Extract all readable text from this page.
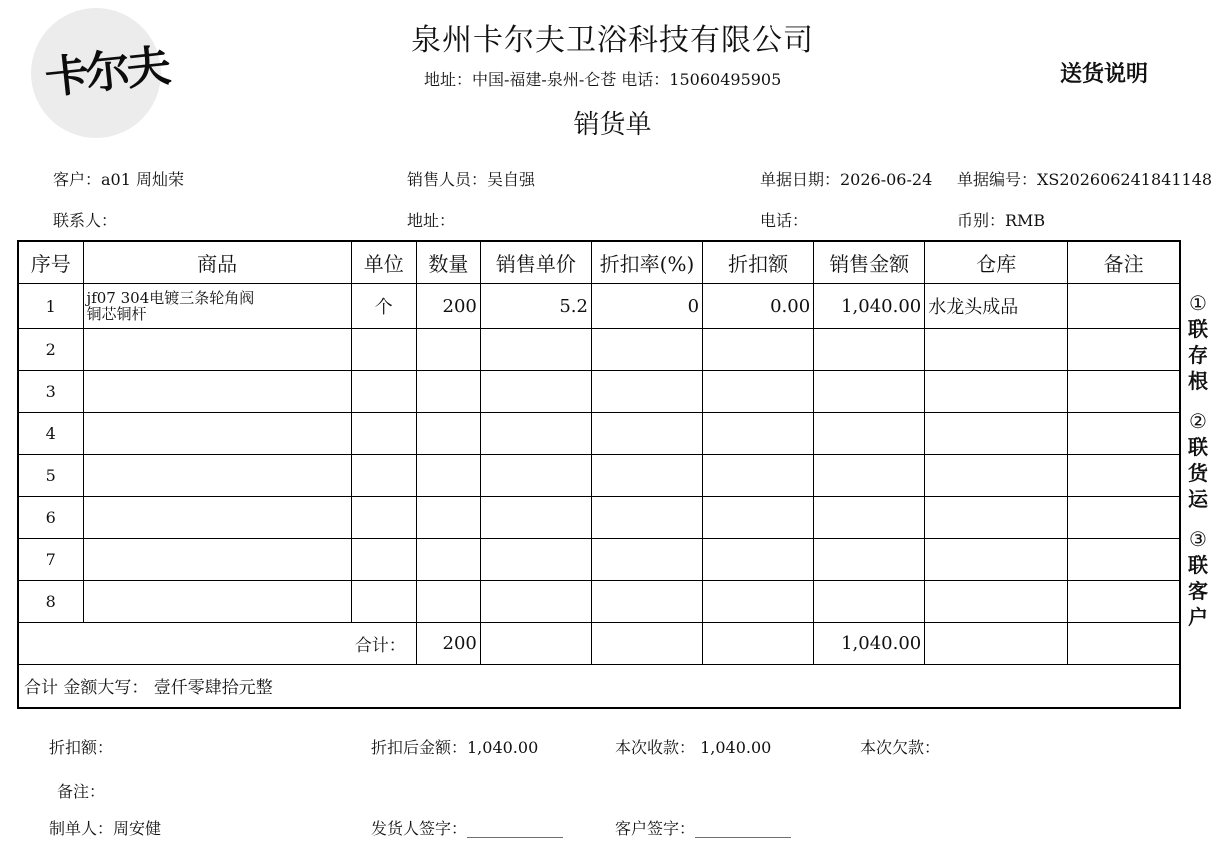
卡尔夫
泉州卡尔夫卫浴科技有限公司
地址：中国-福建-泉州-仑苍 电话：15060495905
销货单
送货说明
客户：a01 周灿荣	销售人员：吴自强	单据日期：2026-06-24 单据编号：XS202606241841148
联系人：	地址：	电话：	币别：RMB
序号	商品	单位	数量	销售单价	折扣率(%)	折扣额	销售金额	仓库	备注
1	jf07 304电镀三条轮角阀
铜芯铜杆	个	200	5.2	0	0.00	1,040.00	水龙头成品	
2									
3									
4									
5									
6									
7									
8									
合计：			200				1,040.00		
合计 金额大写： 壹仟零肆拾元整									
①
联存根
②
联货运
③
联客户
折扣额：	折扣后金额：1,040.00	本次收款： 1,040.00	本次欠款：
备注：
制单人：周安健	发货人签字：____________	客户签字：____________
